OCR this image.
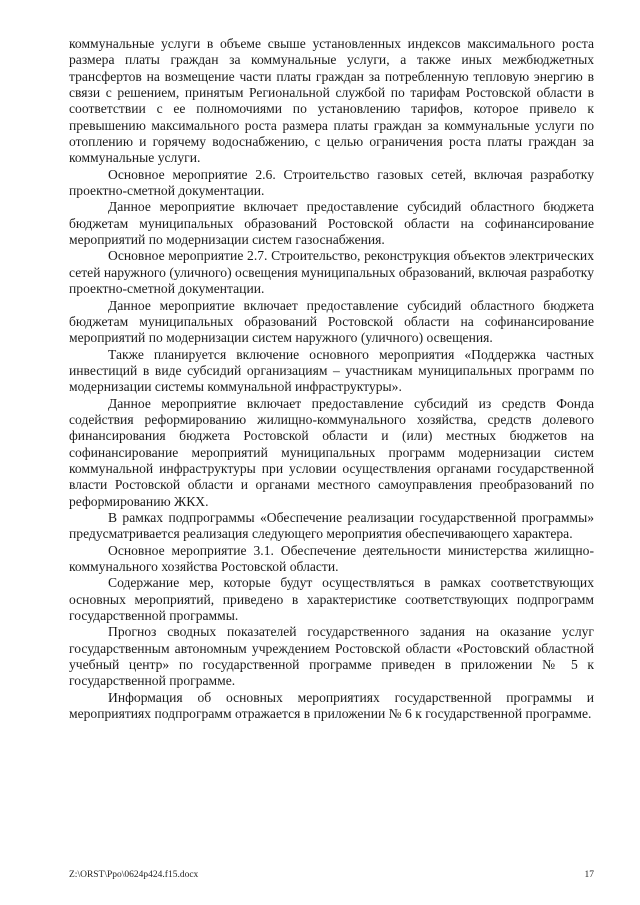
коммунальные услуги в объеме свыше установленных индексов максимального роста размера платы граждан за коммунальные услуги, а также иных межбюджетных трансфертов на возмещение части платы граждан за потребленную тепловую энергию в связи с решением, принятым Региональной службой по тарифам Ростовской области в соответствии с ее полномочиями по установлению тарифов, которое привело к превышению максимального роста размера платы граждан за коммунальные услуги по отоплению и горячему водоснабжению, с целью ограничения роста платы граждан за коммунальные услуги.

Основное мероприятие 2.6. Строительство газовых сетей, включая разработку проектно-сметной документации.

Данное мероприятие включает предоставление субсидий областного бюджета бюджетам муниципальных образований Ростовской области на софинансирование мероприятий по модернизации систем газоснабжения.

Основное мероприятие 2.7. Строительство, реконструкция объектов электрических сетей наружного (уличного) освещения муниципальных образований, включая разработку проектно-сметной документации.

Данное мероприятие включает предоставление субсидий областного бюджета бюджетам муниципальных образований Ростовской области на софинансирование мероприятий по модернизации систем наружного (уличного) освещения.

Также планируется включение основного мероприятия «Поддержка частных инвестиций в виде субсидий организациям – участникам муниципальных программ по модернизации системы коммунальной инфраструктуры».

Данное мероприятие включает предоставление субсидий из средств Фонда содействия реформированию жилищно-коммунального хозяйства, средств долевого финансирования бюджета Ростовской области и (или) местных бюджетов на софинансирование мероприятий муниципальных программ модернизации систем коммунальной инфраструктуры при условии осуществления органами государственной власти Ростовской области и органами местного самоуправления преобразований по реформированию ЖКХ.

В рамках подпрограммы «Обеспечение реализации государственной программы» предусматривается реализация следующего мероприятия обеспечивающего характера.

Основное мероприятие 3.1. Обеспечение деятельности министерства жилищно-коммунального хозяйства Ростовской области.

Содержание мер, которые будут осуществляться в рамках соответствующих основных мероприятий, приведено в характеристике соответствующих подпрограмм государственной программы.

Прогноз сводных показателей государственного задания на оказание услуг государственным автономным учреждением Ростовской области «Ростовский областной учебный центр» по государственной программе приведен в приложении № 5 к государственной программе.

Информация об основных мероприятиях государственной программы и мероприятиях подпрограмм отражается в приложении № 6 к государственной программе.

Z:\ORST\Ppo\0624p424.f15.docx	17
